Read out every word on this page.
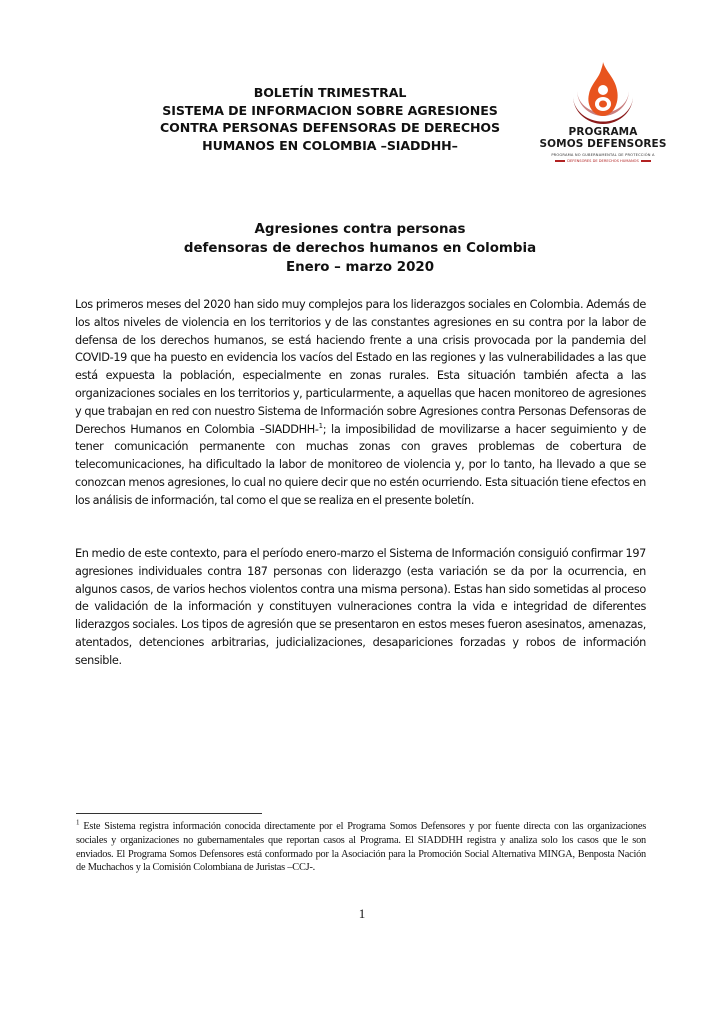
BOLETÍN TRIMESTRAL
SISTEMA DE INFORMACION SOBRE AGRESIONES
CONTRA PERSONAS DEFENSORAS DE DERECHOS
HUMANOS EN COLOMBIA –SIADDHH–
PROGRAMA
SOMOS DEFENSORES
PROGRAMA NO GUBERNAMENTAL DE PROTECCIÓN A
DEFENSORES DE DERECHOS HUMANOS
Agresiones contra personas
defensoras de derechos humanos en Colombia
Enero – marzo 2020
Los primeros meses del 2020 han sido muy complejos para los liderazgos sociales en Colombia. Además de los altos niveles de violencia en los territorios y de las constantes agresiones en su contra por la labor de defensa de los derechos humanos, se está haciendo frente a una crisis provocada por la pandemia del COVID-19 que ha puesto en evidencia los vacíos del Estado en las regiones y las vulnerabilidades a las que está expuesta la población, especialmente en zonas rurales. Esta situación también afecta a las organizaciones sociales en los territorios y, particularmente, a aquellas que hacen monitoreo de agresiones y que trabajan en red con nuestro Sistema de Información sobre Agresiones contra Personas Defensoras de Derechos Humanos en Colombia –SIADDHH-$^1$; la imposibilidad de movilizarse a hacer seguimiento y de tener comunicación permanente con muchas zonas con graves problemas de cobertura de telecomunicaciones, ha dificultado la labor de monitoreo de violencia y, por lo tanto, ha llevado a que se conozcan menos agresiones, lo cual no quiere decir que no estén ocurriendo. Esta situación tiene efectos en los análisis de información, tal como el que se realiza en el presente boletín.
En medio de este contexto, para el período enero-marzo el Sistema de Información consiguió confirmar 197 agresiones individuales contra 187 personas con liderazgo (esta variación se da por la ocurrencia, en algunos casos, de varios hechos violentos contra una misma persona). Estas han sido sometidas al proceso de validación de la información y constituyen vulneraciones contra la vida e integridad de diferentes liderazgos sociales. Los tipos de agresión que se presentaron en estos meses fueron asesinatos, amenazas, atentados, detenciones arbitrarias, judicializaciones, desapariciones forzadas y robos de información sensible.
$^1$ Este Sistema registra información conocida directamente por el Programa Somos Defensores y por fuente directa con las organizaciones sociales y organizaciones no gubernamentales que reportan casos al Programa. El SIADDHH registra y analiza solo los casos que le son enviados. El Programa Somos Defensores está conformado por la Asociación para la Promoción Social Alternativa MINGA, Benposta Nación de Muchachos y la Comisión Colombiana de Juristas –CCJ-.
1
